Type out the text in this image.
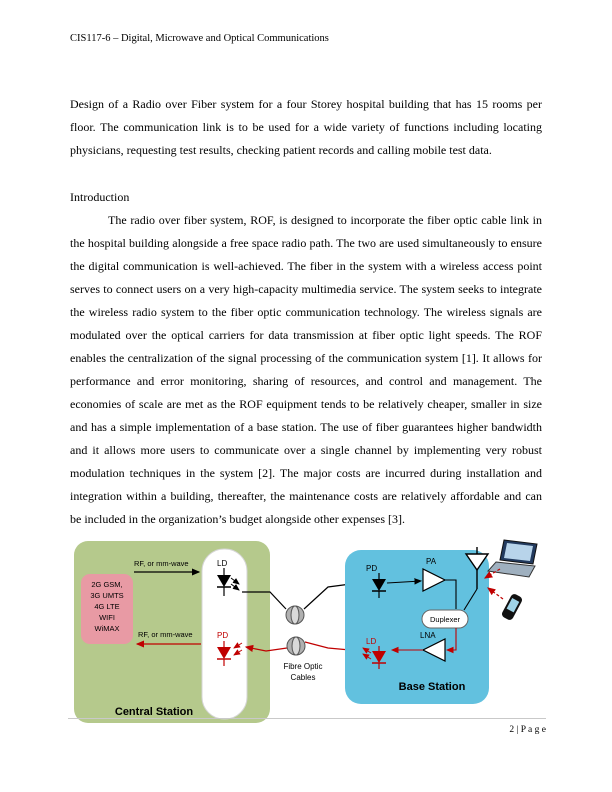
CIS117-6 – Digital, Microwave and Optical Communications

Design of a Radio over Fiber system for a four Storey hospital building that has 15 rooms per floor. The communication link is to be used for a wide variety of functions including locating physicians, requesting test results, checking patient records and calling mobile test data.

Introduction

The radio over fiber system, ROF, is designed to incorporate the fiber optic cable link in the hospital building alongside a free space radio path. The two are used simultaneously to ensure the digital communication is well-achieved. The fiber in the system with a wireless access point serves to connect users on a very high-capacity multimedia service. The system seeks to integrate the wireless radio system to the fiber optic communication technology. The wireless signals are modulated over the optical carriers for data transmission at fiber optic light speeds. The ROF enables the centralization of the signal processing of the communication system [1]. It allows for performance and error monitoring, sharing of resources, and control and management. The economies of scale are met as the ROF equipment tends to be relatively cheaper, smaller in size and has a simple implementation of a base station. The use of fiber guarantees higher bandwidth and it allows more users to communicate over a single channel by implementing very robust modulation techniques in the system [2]. The major costs are incurred during installation and integration within a building, thereafter, the maintenance costs are relatively affordable and can be included in the organization’s budget alongside other expenses [3].

Central Station
2G GSM,
3G UMTS
4G LTE
WIFI
WiMAX
RF, or mm-wave	LD
PD
RF, or mm-wave
Fibre Optic
Cables
Base Station
PD
PA
Duplexer
LNA
LD
2 | P a g e
